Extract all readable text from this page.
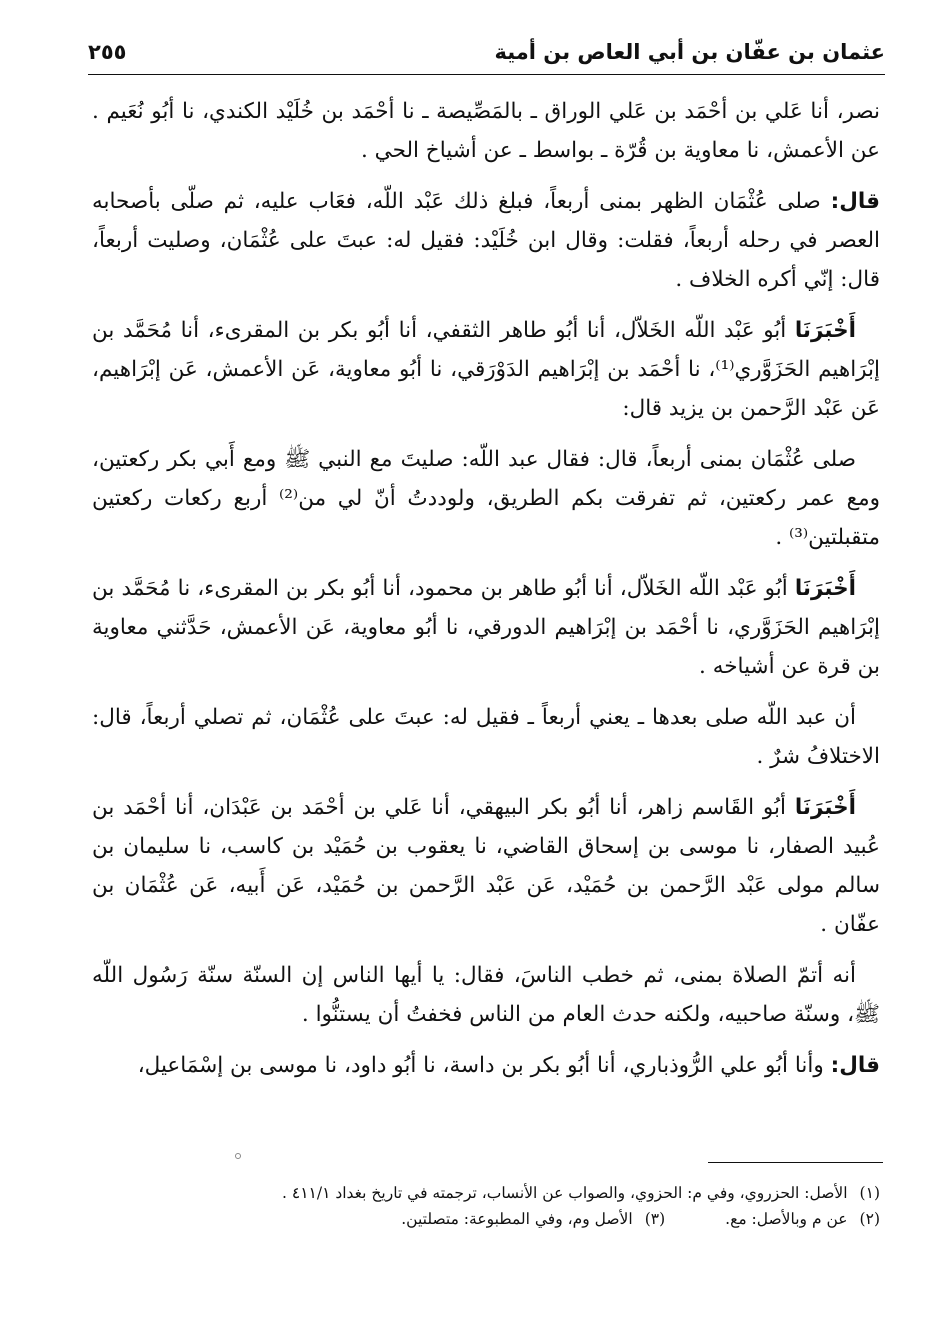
عثمان بن عفّان بن أبي العاص بن أمية
٢٥٥

نصر، أنا عَلي بن أحْمَد بن عَلي الوراق ـ بالمَصِّيصة ـ نا أحْمَد بن خُلَيْد الكندي، نا أبُو نُعَيم . عن الأعمش، نا معاوية بن قُرّة ـ بواسط ـ عن أشياخ الحي .

قال: صلى عُثْمَان الظهر بمنى أربعاً، فبلغ ذلك عَبْد اللّه، فعَاب عليه، ثم صلّى بأصحابه العصر في رحله أربعاً، فقلت: وقال ابن خُلَيْد: فقيل له: عبتَ على عُثْمَان، وصليت أربعاً، قال: إنّي أكره الخلاف .

أَخْبَرَنَا أبُو عَبْد اللّه الخَلاّل، أنا أبُو طاهر الثقفي، أنا أبُو بكر بن المقرىء، أنا مُحَمَّد بن إبْرَاهيم الحَزَوَّري⁽¹⁾، نا أحْمَد بن إبْرَاهيم الدَوْرَقي، نا أبُو معاوية، عَن الأعمش، عَن إبْرَاهيم، عَن عَبْد الرَّحمن بن يزيد قال:

صلى عُثْمَان بمنى أربعاً، قال: فقال عبد اللّه: صليتَ مع النبي ﷺ ومع أَبي بكر ركعتين، ومع عمر ركعتين، ثم تفرقت بكم الطريق، ولوددتُ أنّ لي من⁽²⁾ أربع ركعات ركعتين متقبلتين⁽³⁾ .

أَخْبَرَنَا أبُو عَبْد اللّه الخَلاّل، أنا أبُو طاهر بن محمود، أنا أبُو بكر بن المقرىء، نا مُحَمَّد بن إبْرَاهيم الحَزَوَّري، نا أحْمَد بن إبْرَاهيم الدورقي، نا أبُو معاوية، عَن الأعمش، حَدَّثني معاوية بن قرة عن أشياخه .

أن عبد اللّه صلى بعدها ـ يعني أربعاً ـ فقيل له: عبتَ على عُثْمَان، ثم تصلي أربعاً، قال: الاختلافُ شرٌ .

أَخْبَرَنَا أبُو القَاسم زاهر، أنا أبُو بكر البيهقي، أنا عَلي بن أحْمَد بن عَبْدَان، أنا أحْمَد بن عُبيد الصفار، نا موسى بن إسحاق القاضي، نا يعقوب بن حُمَيْد بن كاسب، نا سليمان بن سالم مولى عَبْد الرَّحمن بن حُمَيْد، عَن عَبْد الرَّحمن بن حُمَيْد، عَن أَبيه، عَن عُثْمَان بن عفّان .

أنه أتمّ الصلاة بمنى، ثم خطب الناسَ، فقال: يا أيها الناس إن السنّة سنّة رَسُول اللّه ﷺ، وسنّة صاحبيه، ولكنه حدث العام من الناس فخفتُ أن يستنُّوا .

قال: وأنا أبُو علي الرُّوذباري، أنا أبُو بكر بن داسة، نا أبُو داود، نا موسى بن إسْمَاعيل،

(١)الأصل: الحزروي، وفي م: الحزوي، والصواب عن الأنساب، ترجمته في تاريخ بغداد ٤١١/١ .

(٢)عن م وبالأصل: مع.(٣)الأصل وم، وفي المطبوعة: متصلتين.
